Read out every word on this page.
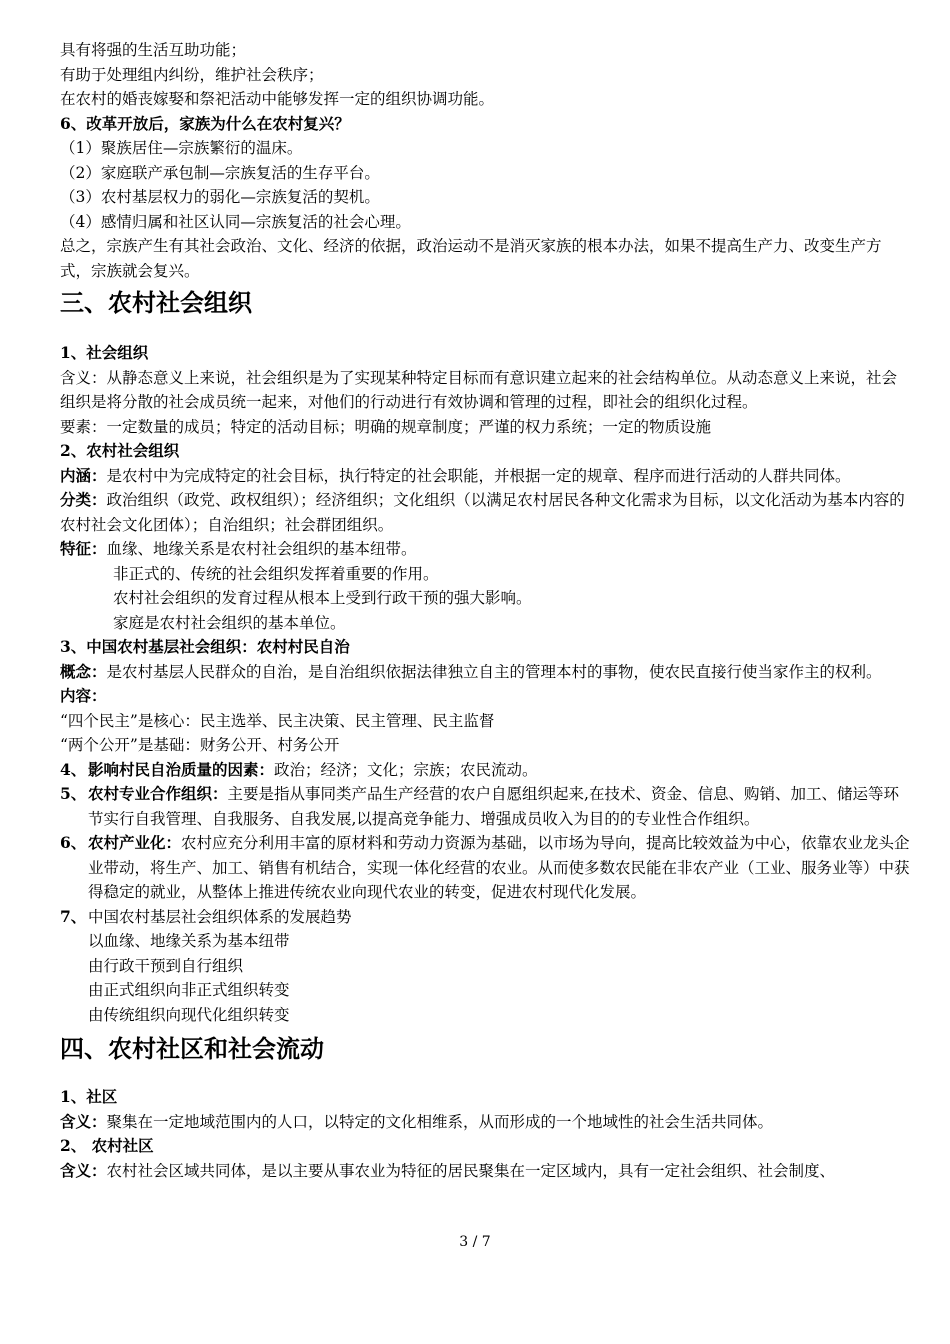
具有将强的生活互助功能；

有助于处理组内纠纷，维护社会秩序；

在农村的婚丧嫁娶和祭祀活动中能够发挥一定的组织协调功能。

6、改革开放后，家族为什么在农村复兴？

（1）聚族居住—宗族繁衍的温床。

（2）家庭联产承包制—宗族复活的生存平台。

（3）农村基层权力的弱化—宗族复活的契机。

（4）感情归属和社区认同—宗族复活的社会心理。

总之，宗族产生有其社会政治、文化、经济的依据，政治运动不是消灭家族的根本办法，如果不提高生产力、改变生产方式，宗族就会复兴。

三、农村社会组织

1、社会组织

含义：从静态意义上来说，社会组织是为了实现某种特定目标而有意识建立起来的社会结构单位。从动态意义上来说，社会组织是将分散的社会成员统一起来，对他们的行动进行有效协调和管理的过程，即社会的组织化过程。

要素：一定数量的成员；特定的活动目标；明确的规章制度；严谨的权力系统；一定的物质设施

2、农村社会组织

内涵：是农村中为完成特定的社会目标，执行特定的社会职能，并根据一定的规章、程序而进行活动的人群共同体。

分类：政治组织（政党、政权组织）；经济组织；文化组织（以满足农村居民各种文化需求为目标，以文化活动为基本内容的农村社会文化团体）；自治组织；社会群团组织。

特征：血缘、地缘关系是农村社会组织的基本纽带。

非正式的、传统的社会组织发挥着重要的作用。

农村社会组织的发育过程从根本上受到行政干预的强大影响。

家庭是农村社会组织的基本单位。

3、中国农村基层社会组织：农村村民自治

概念：是农村基层人民群众的自治，是自治组织依据法律独立自主的管理本村的事物，使农民直接行使当家作主的权利。

内容：

“四个民主”是核心：民主选举、民主决策、民主管理、民主监督

“两个公开”是基础：财务公开、村务公开

4、 影响村民自治质量的因素：政治；经济；文化；宗族；农民流动。

5、 农村专业合作组织：主要是指从事同类产品生产经营的农户自愿组织起来,在技术、资金、信息、购销、加工、储运等环节实行自我管理、自我服务、自我发展,以提高竞争能力、增强成员收入为目的的专业性合作组织。

6、 农村产业化：农村应充分利用丰富的原材料和劳动力资源为基础，以市场为导向，提高比较效益为中心，依靠农业龙头企业带动，将生产、加工、销售有机结合，实现一体化经营的农业。从而使多数农民能在非农产业（工业、服务业等）中获得稳定的就业，从整体上推进传统农业向现代农业的转变，促进农村现代化发展。

7、 中国农村基层社会组织体系的发展趋势

以血缘、地缘关系为基本纽带

由行政干预到自行组织

由正式组织向非正式组织转变

由传统组织向现代化组织转变

四、农村社区和社会流动

1、社区

含义：聚集在一定地域范围内的人口，以特定的文化相维系，从而形成的一个地域性的社会生活共同体。

2、 农村社区

含义：农村社会区域共同体，是以主要从事农业为特征的居民聚集在一定区域内，具有一定社会组织、社会制度、

3 / 7
